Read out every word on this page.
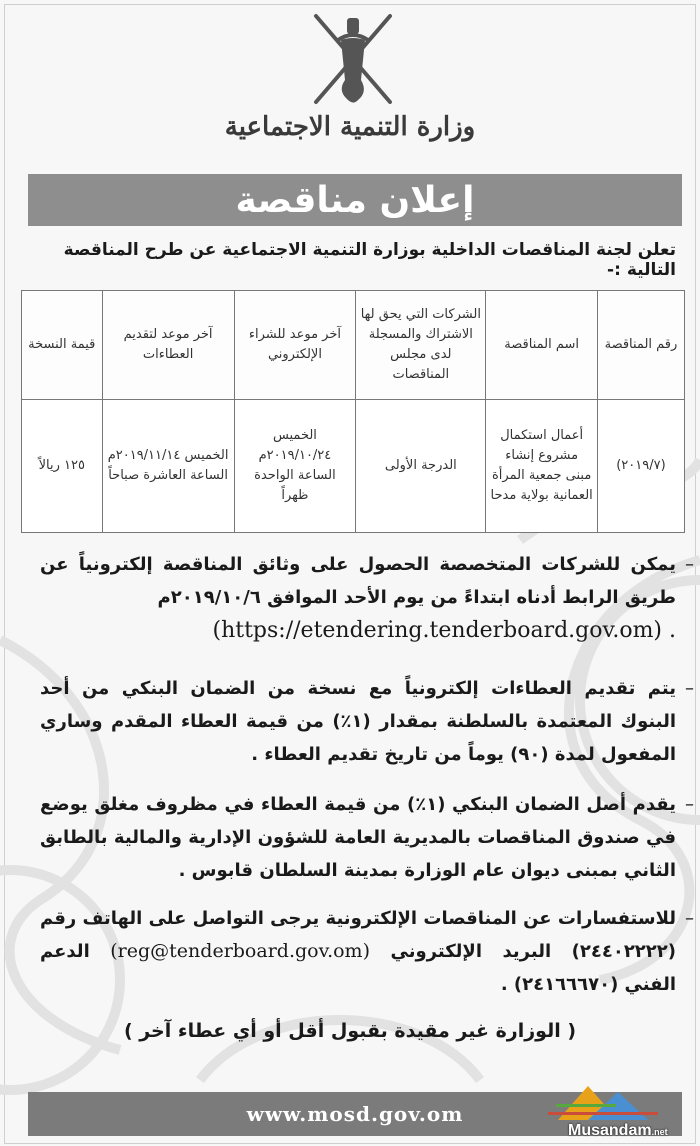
وزارة التنمية الاجتماعية
إعلان مناقصة
تعلن لجنة المناقصات الداخلية بوزارة التنمية الاجتماعية عن طرح المناقصة التالية :-
رقم المناقصة	اسم المناقصة	الشركات التي يحق لها الاشتراك والمسجلة لدى مجلس المناقصات	آخر موعد للشراء الإلكتروني	آخر موعد لتقديم العطاءات	قيمة النسخة
(٢٠١٩/٧)	أعمال استكمال مشروع إنشاء مبنى جمعية المرأة العمانية بولاية مدحا	الدرجة الأولى	الخميس ٢٠١٩/١٠/٢٤م الساعة الواحدة ظهراً	الخميس ٢٠١٩/١١/١٤م الساعة العاشرة صباحاً	١٢٥ ريالاً
–
يمكن للشركات المتخصصة الحصول على وثائق المناقصة إلكترونياً عن طريق الرابط أدناه ابتداءً من يوم الأحد الموافق ٢٠١٩/١٠/٦م
(https://etendering.tenderboard.gov.om) .
–
يتم تقديم العطاءات إلكترونياً مع نسخة من الضمان البنكي من أحد البنوك المعتمدة بالسلطنة بمقدار (١٪) من قيمة العطاء المقدم وساري المفعول لمدة (٩٠) يوماً من تاريخ تقديم العطاء .
–
يقدم أصل الضمان البنكي (١٪) من قيمة العطاء في مظروف مغلق يوضع في صندوق المناقصات بالمديرية العامة للشؤون الإدارية والمالية بالطابق الثاني بمبنى ديوان عام الوزارة بمدينة السلطان قابوس .
–
للاستفسارات عن المناقصات الإلكترونية يرجى التواصل على الهاتف رقم (٢٤٤٠٢٢٢٢) البريد الإلكتروني (reg@tenderboard.gov.om) الدعم الفني (٢٤١٦٦٦٧٠) .
( الوزارة غير مقيدة بقبول أقل أو أي عطاء آخر )
www.mosd.gov.om
Musandam.net
